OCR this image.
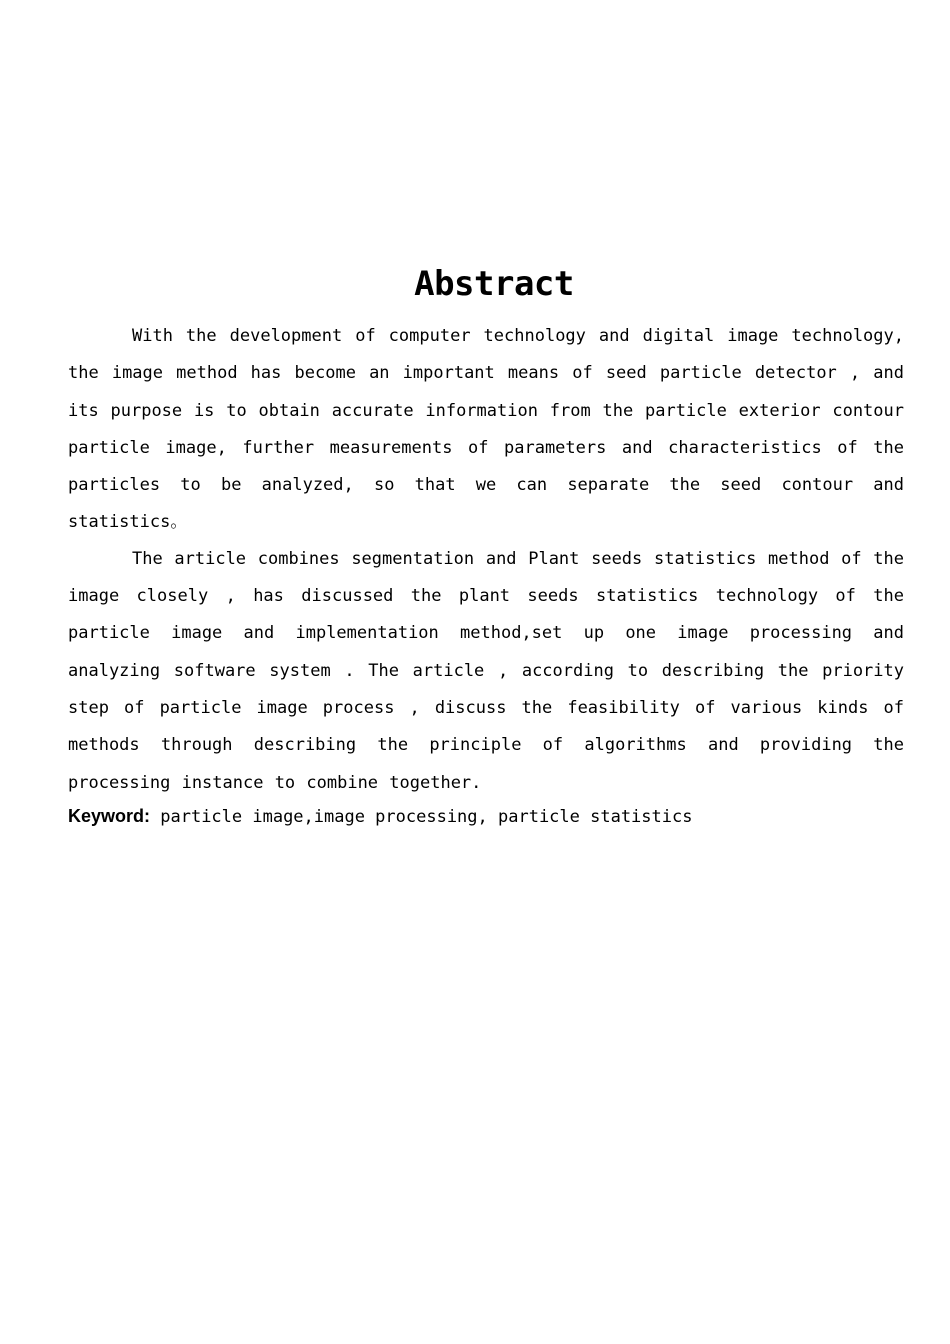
Abstract

With the development of computer technology and digital image technology, the image method has become an important means of seed particle detector , and its purpose is to obtain accurate information from the particle exterior contour particle image, further measurements of parameters and characteristics of the particles to be analyzed, so that we can separate the seed contour and statistics。

The article combines segmentation and Plant seeds statistics method of the image closely , has discussed the plant seeds statistics technology of the particle image and implementation method,set up one image processing and analyzing software system . The article , according to describing the priority step of particle image process , discuss the feasibility of various kinds of methods through describing the principle of algorithms and providing the processing instance to combine together.

Keyword: particle image,image processing, particle statistics
